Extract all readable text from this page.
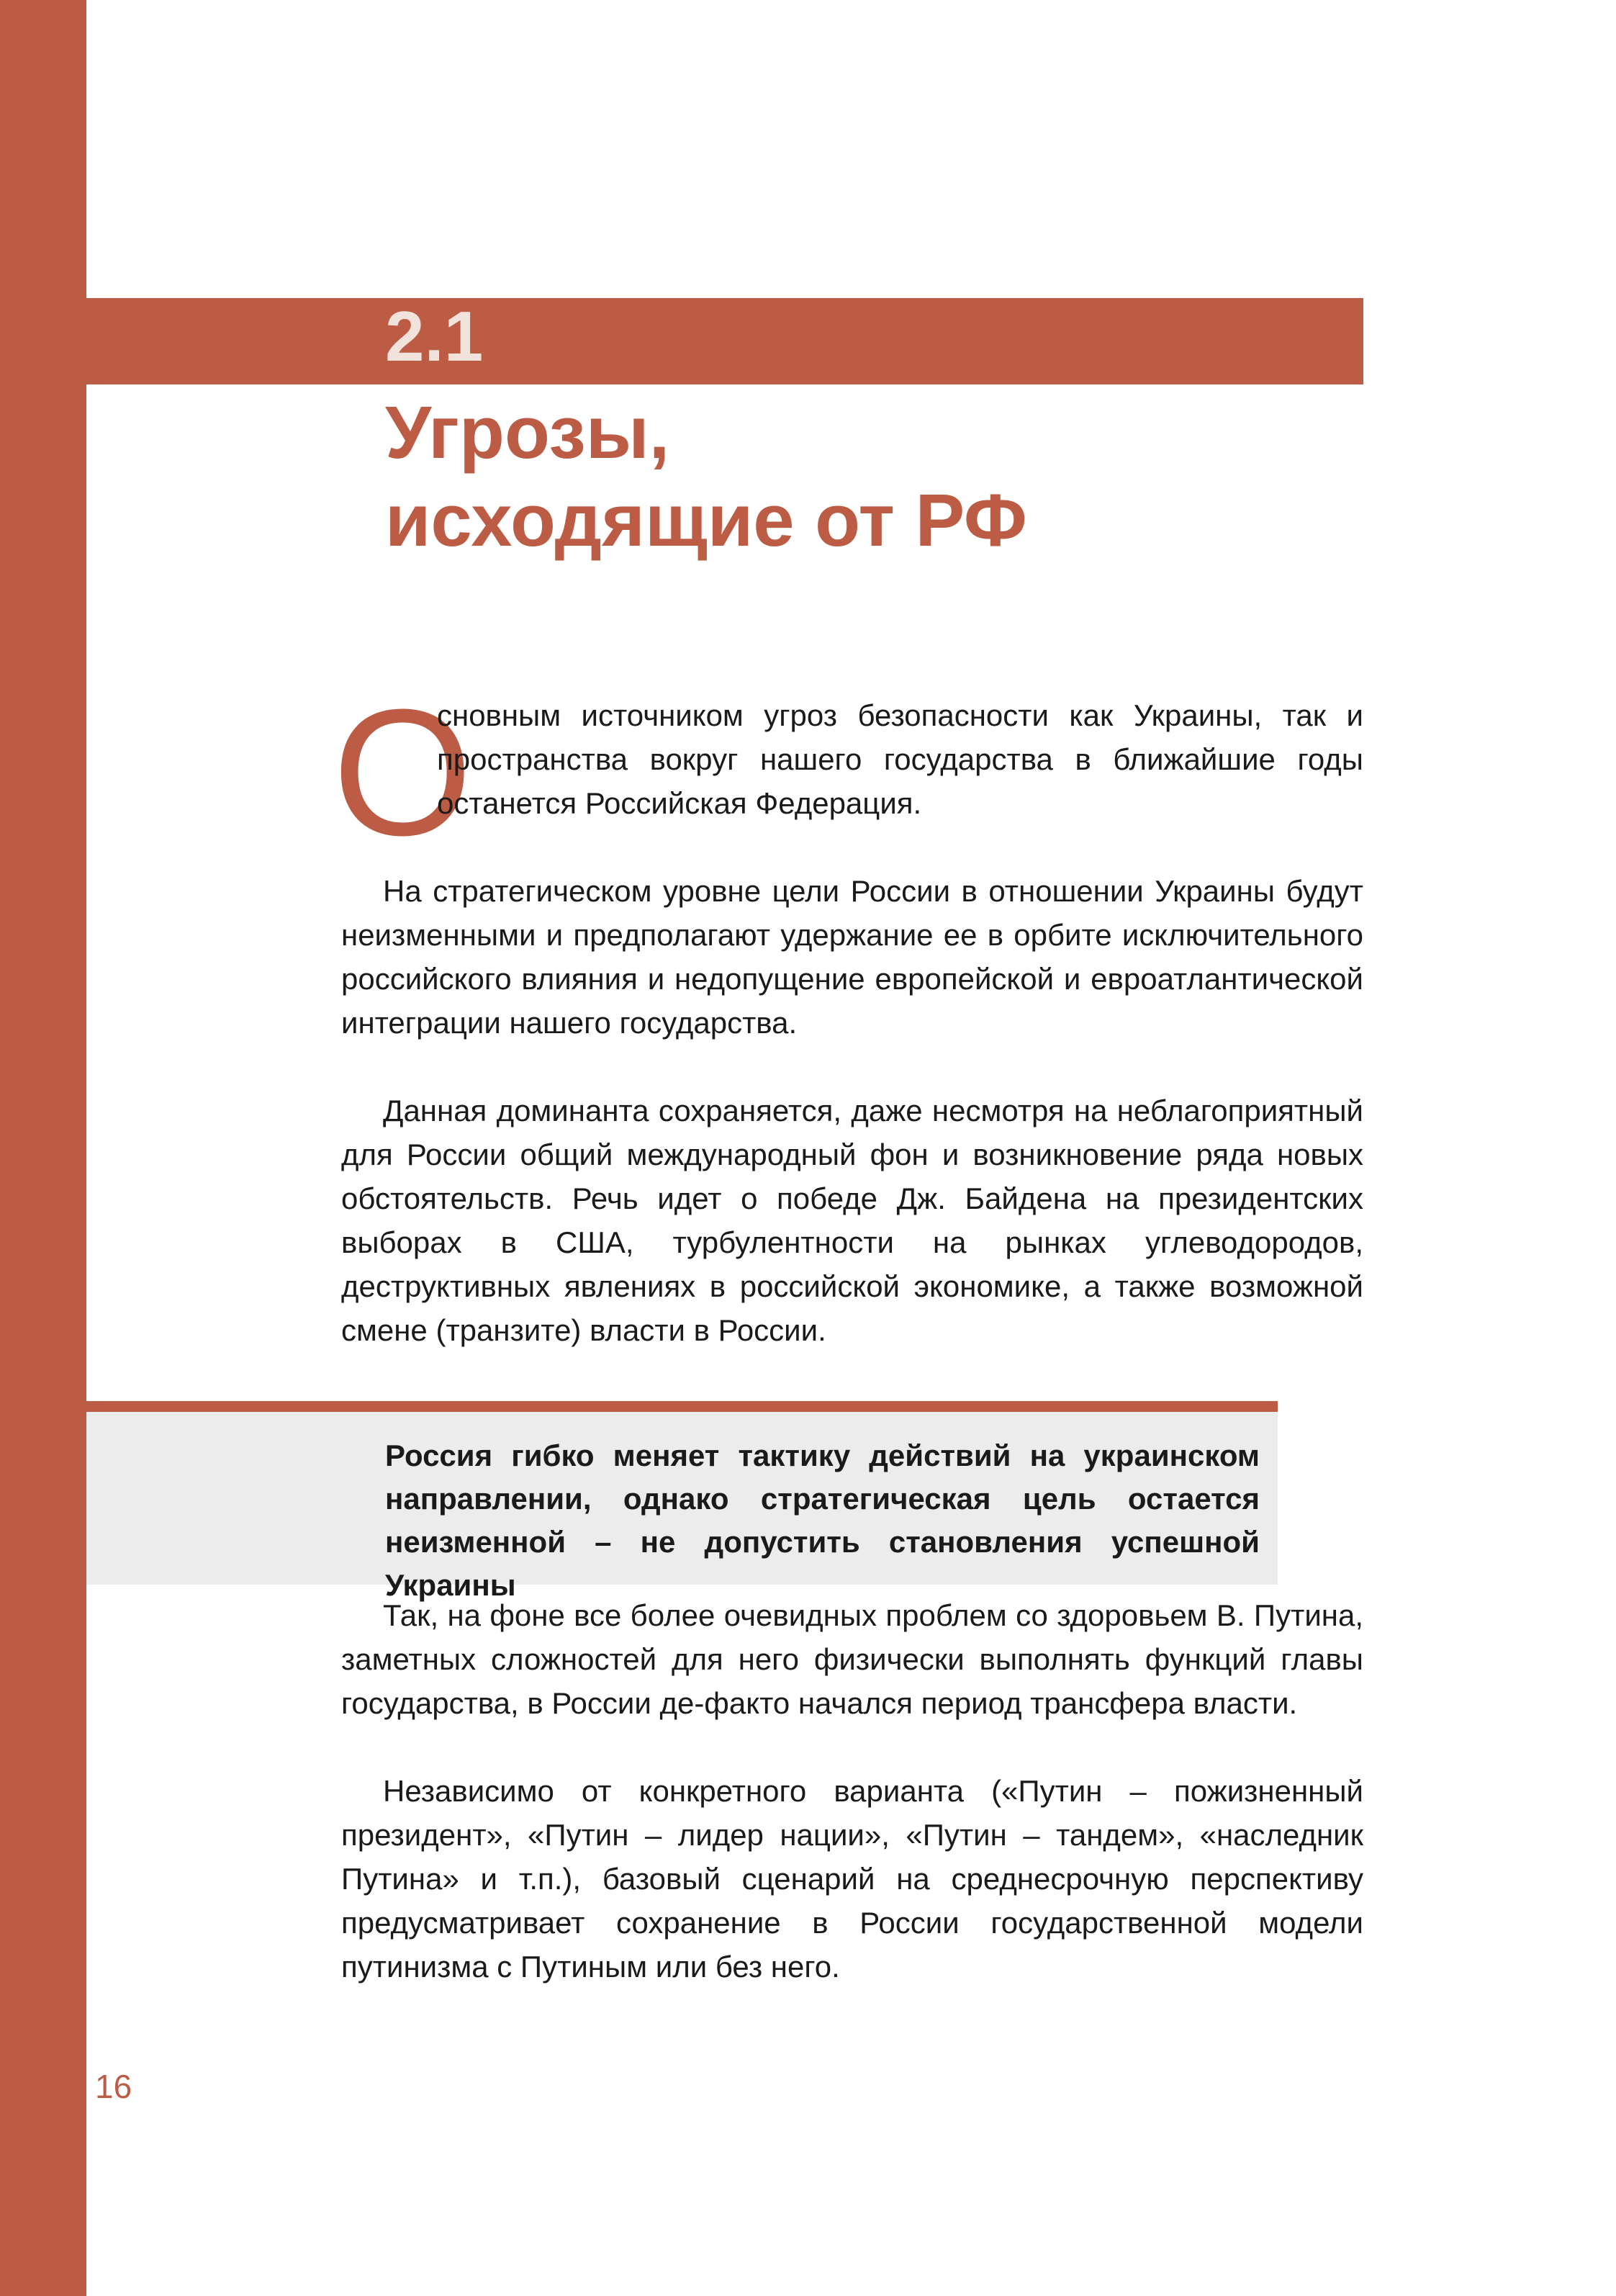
2.1
Угрозы,
исходящие от РФ
О

сновным источником угроз безопасности как Украины, так и

пространства вокруг нашего государства в ближайшие годы

останется Российская Федерация.

На стратегическом уровне цели России в отношении Украины будут неизменными и предполагают удержание ее в орбите исключительного российского влияния и недопущение европейской и евроатлантической интеграции нашего государства.

Данная доминанта сохраняется, даже несмотря на неблагоприятный для России общий международный фон и возникновение ряда новых обстоятельств. Речь идет о победе Дж. Байдена на президентских выборах в США, турбулентности на рынках углеводородов, деструктивных явлениях в российской экономике, а также возможной смене (транзите) власти в России.

Россия гибко меняет тактику действий на украинском направлении, однако стратегическая цель остается неизменной – не допустить становления успешной Украины

Так, на фоне все более очевидных проблем со здоровьем В. Путина, заметных сложностей для него физически выполнять функций главы государства, в России де-факто начался период трансфера власти.

Независимо от конкретного варианта («Путин – пожизненный президент», «Путин – лидер нации», «Путин – тандем», «наследник Путина» и т.п.), базовый сценарий на среднесрочную перспективу предусматривает сохранение в России государственной модели путинизма с Путиным или без него.

16
